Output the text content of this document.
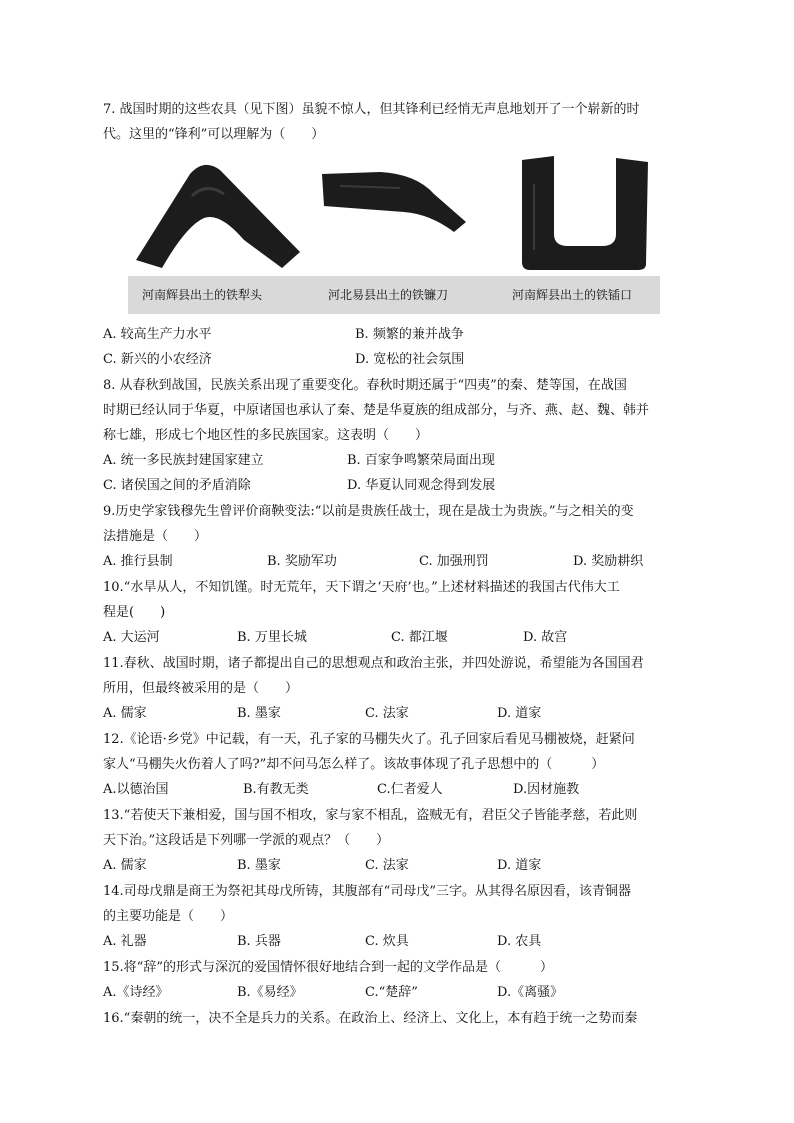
7. 战国时期的这些农具（见下图）虽貌不惊人，但其锋利已经悄无声息地划开了一个崭新的时
代。这里的“锋利”可以理解为（　　）
河南辉县出土的铁犁头	河北易县出土的铁镰刀	河南辉县出土的铁锸口
A. 较高生产力水平	B. 频繁的兼并战争
C. 新兴的小农经济	D. 宽松的社会氛围
8. 从春秋到战国，民族关系出现了重要变化。春秋时期还属于“四夷”的秦、楚等国，在战国
时期已经认同于华夏，中原诸国也承认了秦、楚是华夏族的组成部分，与齐、燕、赵、魏、韩并
称七雄，形成七个地区性的多民族国家。这表明（　　）
A. 统一多民族封建国家建立	B. 百家争鸣繁荣局面出现
C. 诸侯国之间的矛盾消除	D. 华夏认同观念得到发展
9.历史学家钱穆先生曾评价商鞅变法:“以前是贵族任战士，现在是战士为贵族。”与之相关的变
法措施是（　　）
A. 推行县制	B. 奖励军功	C. 加强刑罚	D. 奖励耕织
10.“水旱从人，不知饥馑。时无荒年，天下谓之‘天府’也。”上述材料描述的我国古代伟大工
程是(　　)
A. 大运河	B. 万里长城	C. 都江堰	D. 故宫
11.春秋、战国时期，诸子都提出自己的思想观点和政治主张，并四处游说，希望能为各国国君
所用，但最终被采用的是（　　）
A. 儒家	B. 墨家	C. 法家	D. 道家
12.《论语·乡党》中记载，有一天，孔子家的马棚失火了。孔子回家后看见马棚被烧，赶紧问
家人“马棚失火伤着人了吗?”却不问马怎么样了。该故事体现了孔子思想中的（　　　）
A.以德治国	B.有教无类	C.仁者爱人	D.因材施教
13.“若使天下兼相爱，国与国不相攻，家与家不相乱，盗贼无有，君臣父子皆能孝慈，若此则
天下治。”这段话是下列哪一学派的观点？（　　）
A. 儒家	B. 墨家	C. 法家	D. 道家
14.司母戊鼎是商王为祭祀其母戊所铸，其腹部有“司母戊”三字。从其得名原因看，该青铜器
的主要功能是（　　）
A. 礼器	B. 兵器	C. 炊具	D. 农具
15.将“辞”的形式与深沉的爱国情怀很好地结合到一起的文学作品是（　　　）
A.《诗经》	B.《易经》	C.“楚辞”	D.《离骚》
16.“秦朝的统一，决不全是兵力的关系。在政治上、经济上、文化上，本有趋于统一之势而秦
